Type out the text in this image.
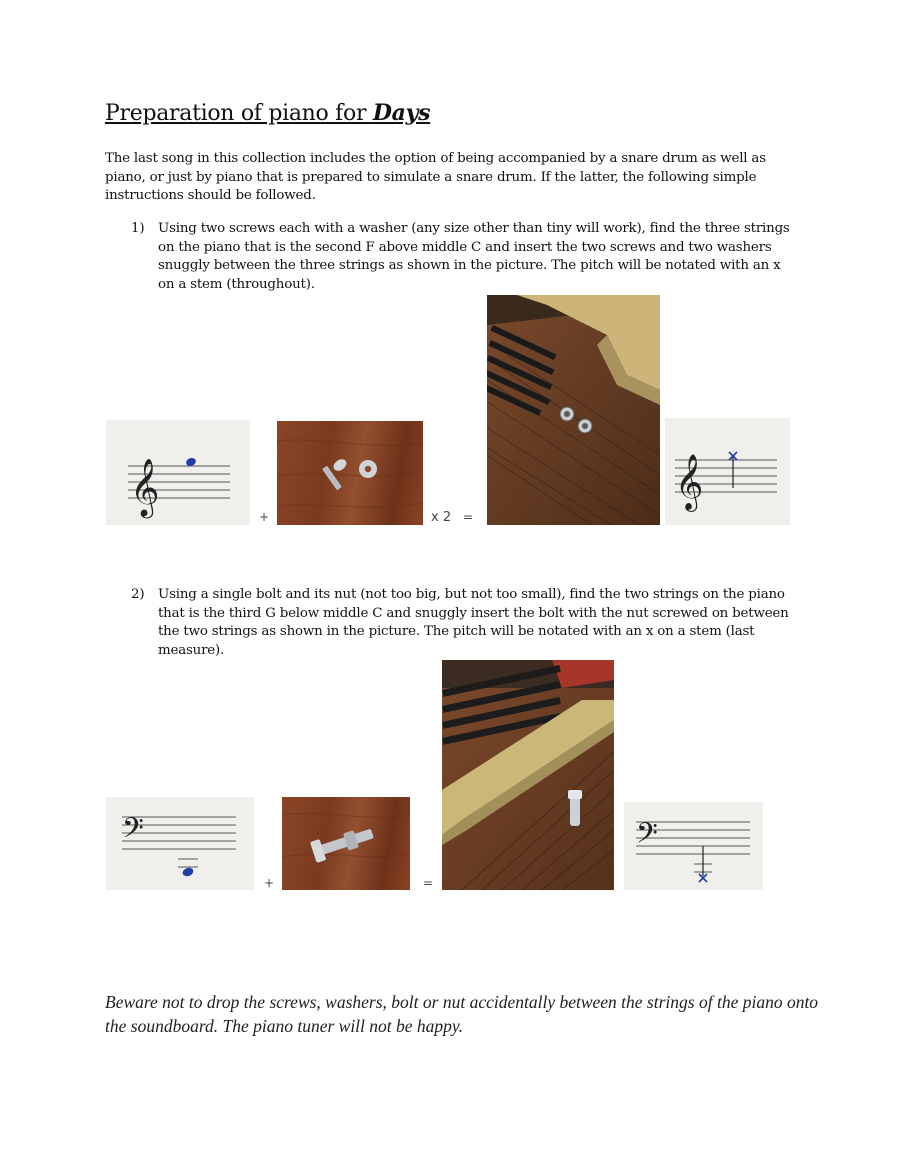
Preparation of piano for Days
The last song in this collection includes the option of being accompanied by a snare drum as well as piano, or just by piano that is prepared to simulate a snare drum. If the latter, the following simple instructions should be followed.
1) Using two screws each with a washer (any size other than tiny will work), find the three strings on the piano that is the second F above middle C and insert the two screws and two washers snuggly between the three strings as shown in the picture. The pitch will be notated with an x on a stem (throughout).
𝄞
+	x 2 =
𝄞
2) Using a single bolt and its nut (not too big, but not too small), find the two strings on the piano that is the third G below middle C and snuggly insert the bolt with the nut screwed on between the two strings as shown in the picture. The pitch will be notated with an x on a stem (last measure).
𝄢
+	=
𝄢
Beware not to drop the screws, washers, bolt or nut accidentally between the strings of the piano onto the soundboard. The piano tuner will not be happy.
